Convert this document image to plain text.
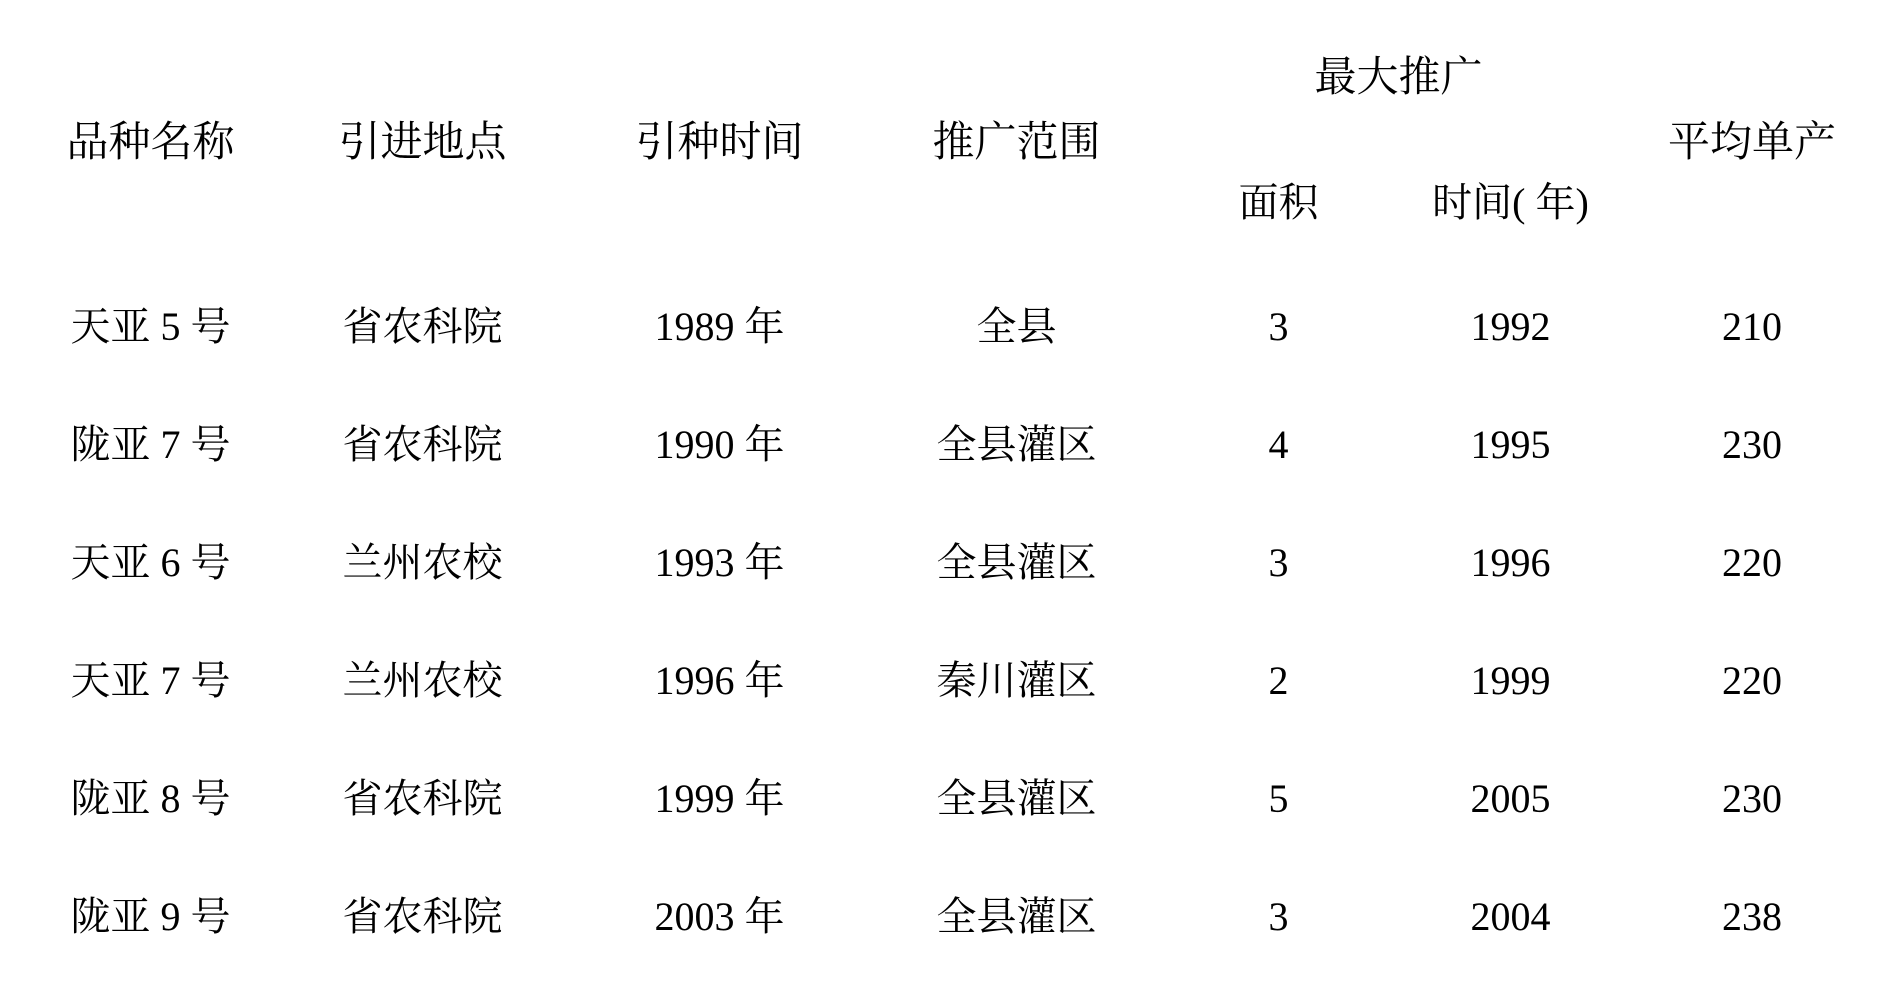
品种名称	引进地点	引种时间	推广范围	最大推广		平均单产

				面积	时间( 年)	

天亚 5 号	省农科院	1989 年	全县	3	1992	210

陇亚 7 号	省农科院	1990 年	全县灌区	4	1995	230

天亚 6 号	兰州农校	1993 年	全县灌区	3	1996	220

天亚 7 号	兰州农校	1996 年	秦川灌区	2	1999	220

陇亚 8 号	省农科院	1999 年	全县灌区	5	2005	230

陇亚 9 号	省农科院	2003 年	全县灌区	3	2004	238
